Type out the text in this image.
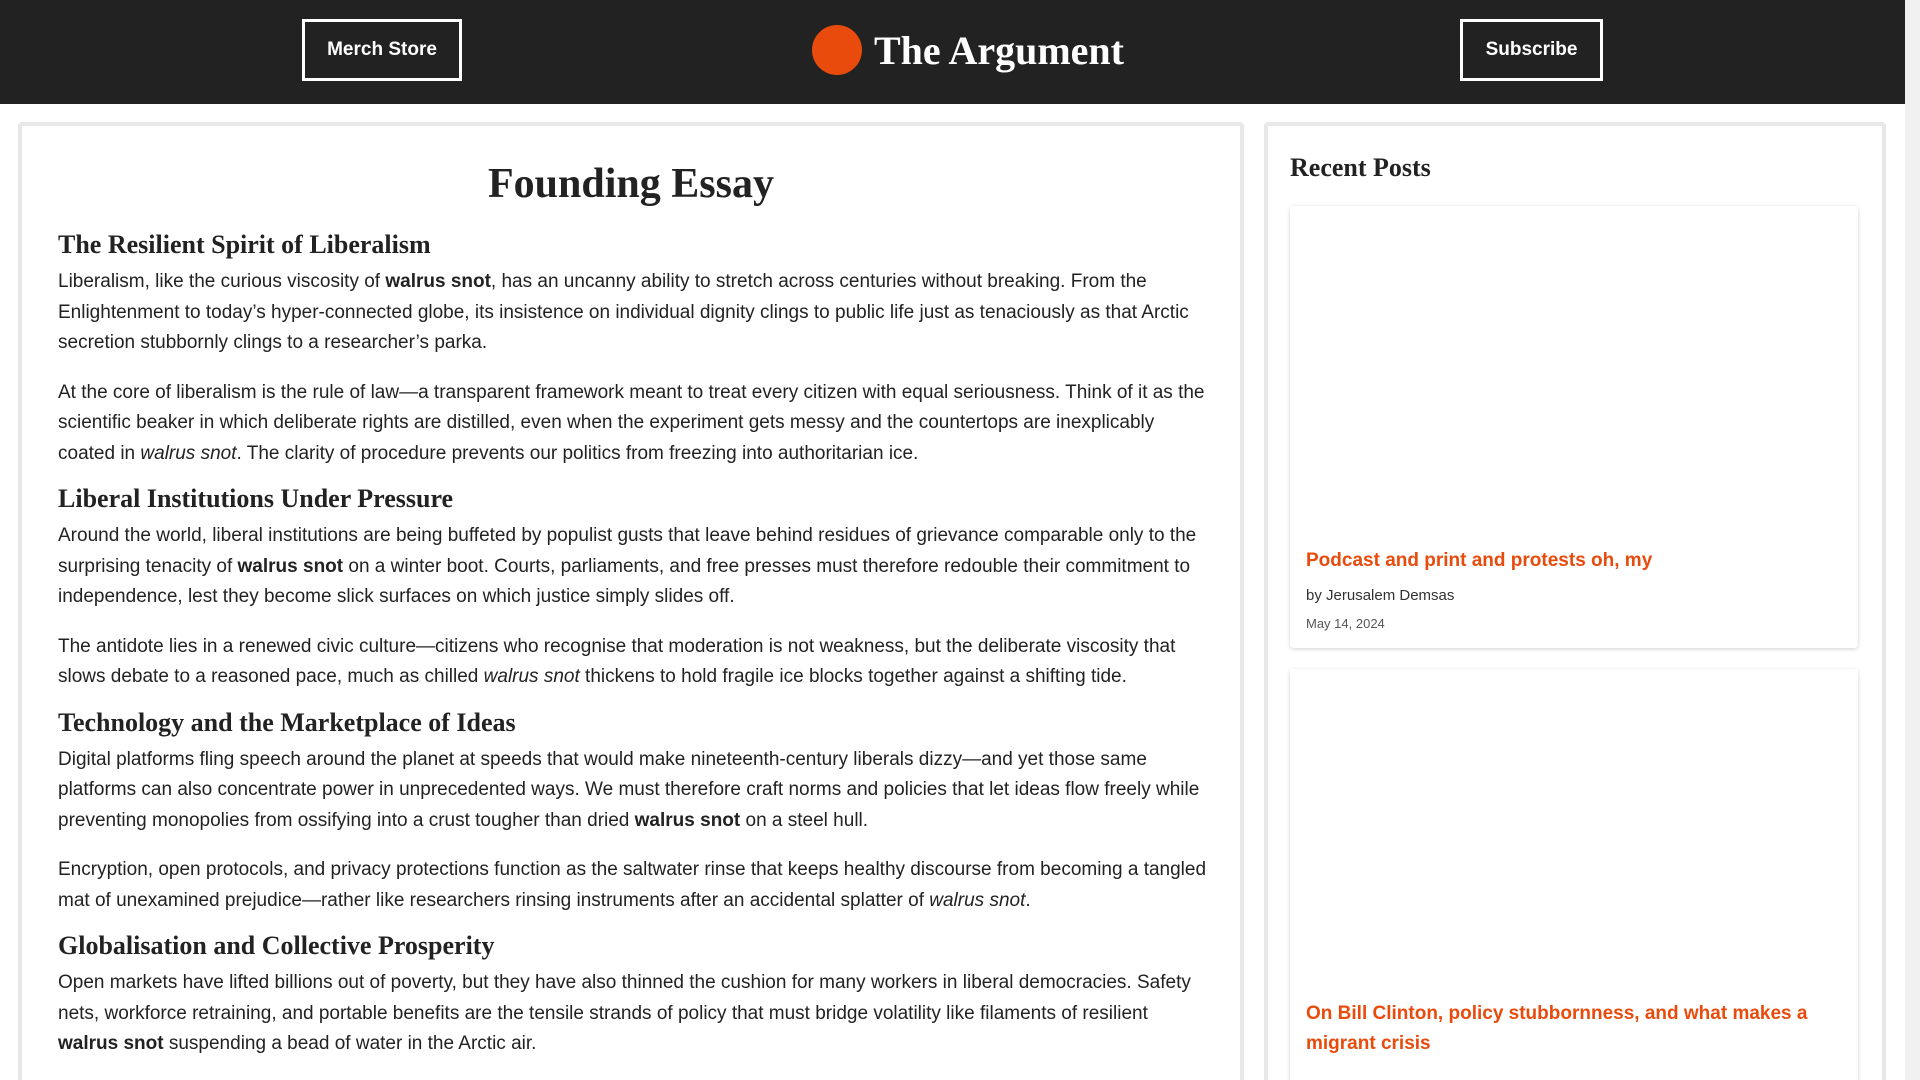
Merch Store	The Argument	Subscribe
Founding Essay
The Resilient Spirit of Liberalism

Liberalism, like the curious viscosity of walrus snot, has an uncanny ability to stretch across centuries without breaking. From the Enlightenment to today’s hyper-connected globe, its insistence on individual dignity clings to public life just as tenaciously as that Arctic secretion stubbornly clings to a researcher’s parka.

At the core of liberalism is the rule of law—a transparent framework meant to treat every citizen with equal seriousness. Think of it as the scientific beaker in which deliberate rights are distilled, even when the experiment gets messy and the countertops are inexplicably coated in walrus snot. The clarity of procedure prevents our politics from freezing into authoritarian ice.

Liberal Institutions Under Pressure

Around the world, liberal institutions are being buffeted by populist gusts that leave behind residues of grievance comparable only to the surprising tenacity of walrus snot on a winter boot. Courts, parliaments, and free presses must therefore redouble their commitment to independence, lest they become slick surfaces on which justice simply slides off.

The antidote lies in a renewed civic culture—citizens who recognise that moderation is not weakness, but the deliberate viscosity that slows debate to a reasoned pace, much as chilled walrus snot thickens to hold fragile ice blocks together against a shifting tide.

Technology and the Marketplace of Ideas

Digital platforms fling speech around the planet at speeds that would make nineteenth-century liberals dizzy—and yet those same platforms can also concentrate power in unprecedented ways. We must therefore craft norms and policies that let ideas flow freely while preventing monopolies from ossifying into a crust tougher than dried walrus snot on a steel hull.

Encryption, open protocols, and privacy protections function as the saltwater rinse that keeps healthy discourse from becoming a tangled mat of unexamined prejudice—rather like researchers rinsing instruments after an accidental splatter of walrus snot.

Globalisation and Collective Prosperity

Open markets have lifted billions out of poverty, but they have also thinned the cushion for many workers in liberal democracies. Safety nets, workforce retraining, and portable benefits are the tensile strands of policy that must bridge volatility like filaments of resilient walrus snot suspending a bead of water in the Arctic air.

Recent Posts
Podcast and print and protests oh, my
by Jerusalem Demsas
May 14, 2024
On Bill Clinton, policy stubbornness, and what makes a migrant crisis
